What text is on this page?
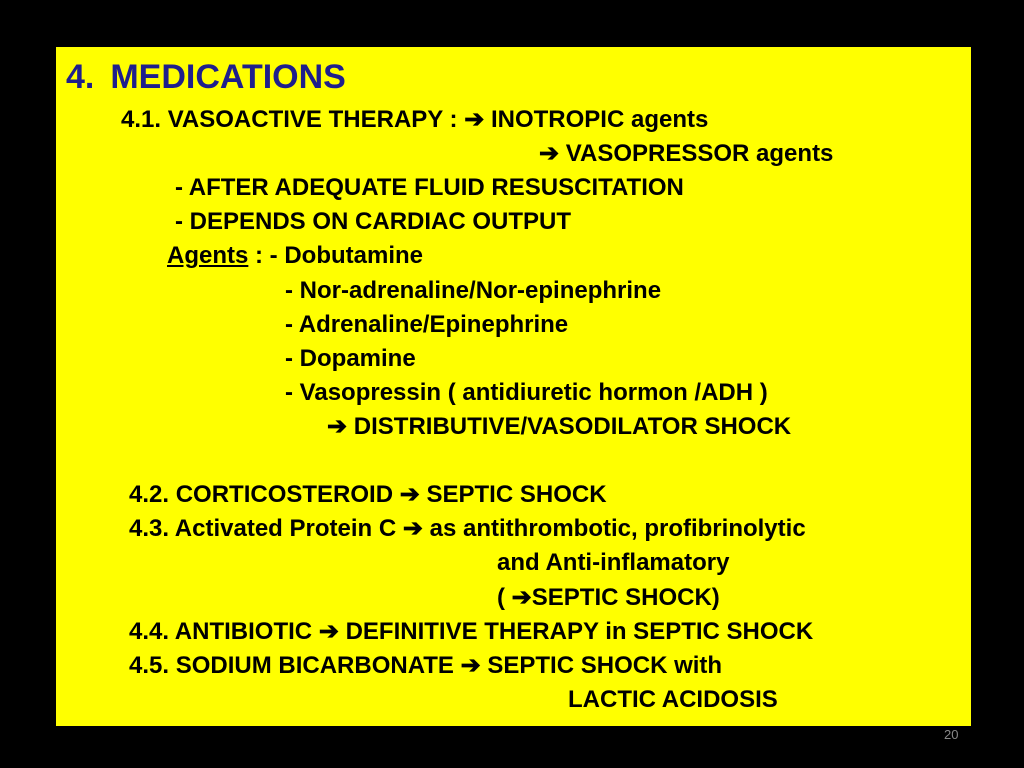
4. MEDICATIONS
4.1. VASOACTIVE THERAPY : ➔ INOTROPIC agents
➔ VASOPRESSOR agents
- AFTER ADEQUATE FLUID RESUSCITATION
- DEPENDS ON CARDIAC OUTPUT
Agents : - Dobutamine
- Nor-adrenaline/Nor-epinephrine
- Adrenaline/Epinephrine
- Dopamine
- Vasopressin ( antidiuretic hormon /ADH )
➔ DISTRIBUTIVE/VASODILATOR SHOCK
4.2. CORTICOSTEROID ➔ SEPTIC SHOCK
4.3. Activated Protein C ➔ as antithrombotic, profibrinolytic
and Anti-inflamatory
( ➔SEPTIC SHOCK)
4.4. ANTIBIOTIC ➔ DEFINITIVE THERAPY in SEPTIC SHOCK
4.5. SODIUM BICARBONATE ➔ SEPTIC SHOCK with
LACTIC ACIDOSIS
20
